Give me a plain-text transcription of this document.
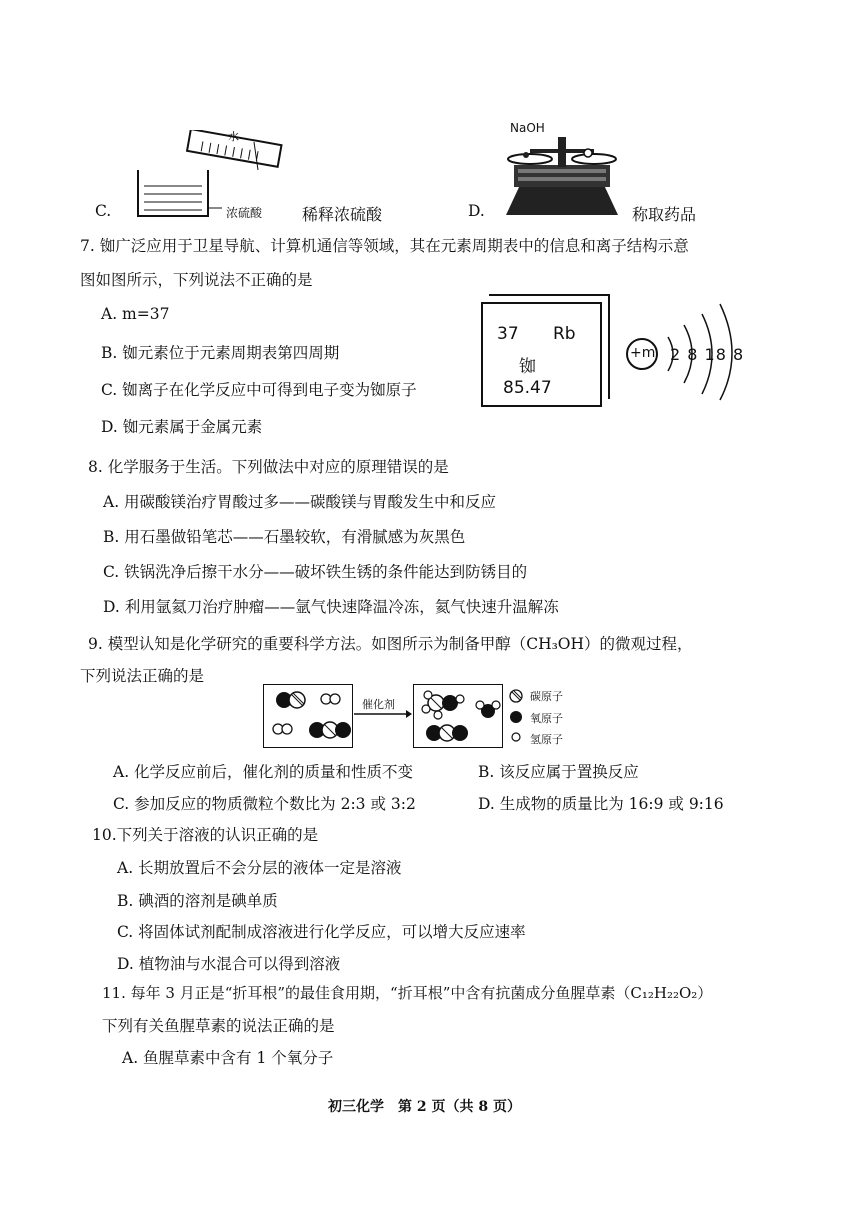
C.
水
浓硫酸 稀释浓硫酸	D.
NaOH
称取药品
7. 铷广泛应用于卫星导航、计算机通信等领域，其在元素周期表中的信息和离子结构示意
图如图所示，下列说法不正确的是
A. m=37
B. 铷元素位于元素周期表第四周期
C. 铷离子在化学反应中可得到电子变为铷原子
D. 铷元素属于金属元素
37 Rb
铷
85.47
+m 2 8 18 8
8. 化学服务于生活。下列做法中对应的原理错误的是
A. 用碳酸镁治疗胃酸过多——碳酸镁与胃酸发生中和反应
B. 用石墨做铅笔芯——石墨较软，有滑腻感为灰黑色
C. 铁锅洗净后擦干水分——破坏铁生锈的条件能达到防锈目的
D. 利用氩氦刀治疗肿瘤——氩气快速降温冷冻，氦气快速升温解冻
9. 模型认知是化学研究的重要科学方法。如图所示为制备甲醇（CH₃OH）的微观过程，
下列说法正确的是
催化剂
碳原子
氧原子
氢原子
A. 化学反应前后，催化剂的质量和性质不变	B. 该反应属于置换反应
C. 参加反应的物质微粒个数比为 2:3 或 3:2	D. 生成物的质量比为 16:9 或 9:16
10.下列关于溶液的认识正确的是
A. 长期放置后不会分层的液体一定是溶液
B. 碘酒的溶剂是碘单质
C. 将固体试剂配制成溶液进行化学反应，可以增大反应速率
D. 植物油与水混合可以得到溶液
11. 每年 3 月正是“折耳根”的最佳食用期，“折耳根”中含有抗菌成分鱼腥草素（C₁₂H₂₂O₂）
下列有关鱼腥草素的说法正确的是
A. 鱼腥草素中含有 1 个氧分子
初三化学　第 2 页（共 8 页）
